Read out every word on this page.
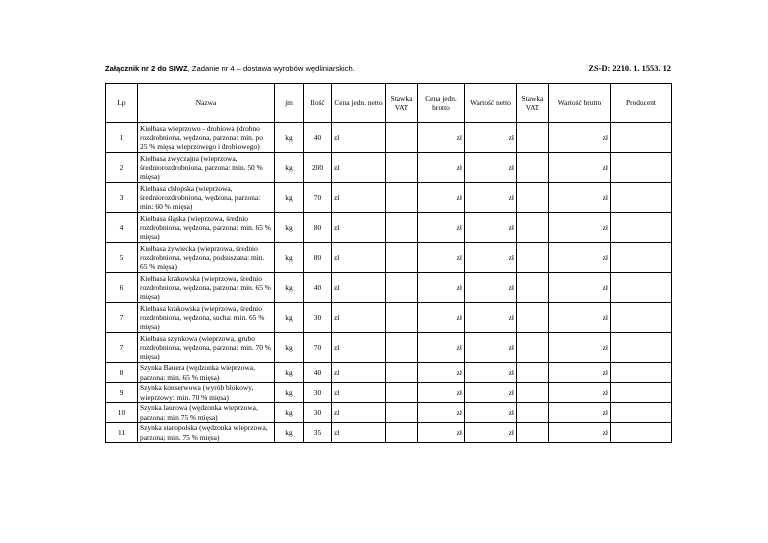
Załącznik nr 2 do SIWZ, Zadanie nr 4 – dostawa wyrobów wędliniarskich.	ZS-D: 2210. 1. 1553. 12
Lp	Nazwa	jm	Ilość	Cena jedn. netto	Stawka VAT	Cena jedn. brutto	Wartość netto	Stawka VAT	Wartość brutto	Producent
1	Kiełbasa wieprzowo - drobiowa (drobno rozdrobniona, wędzona, parzona: min. po 25 % mięsa wieprzowego i drobiowego)	kg	40	zł		zł	zł		zł	
2	Kiełbasa zwyczajna (wieprzowa, średniorozdrobniona, parzona: min. 50 % mięsa)	kg	200	zł		zł	zł		zł	
3	Kiełbasa chłopska (wieprzowa, średniorozdrobniona, wędzona, parzona: min: 60 % mięsa)	kg	70	zł		zł	zł		zł	
4	Kiełbasa śląska (wieprzowa, średnio rozdrobniona, wędzona, parzona: min. 65 % mięsa)	kg	80	zł		zł	zł		zł	
5	Kiełbasa żywiecka (wieprzowa, średnio rozdrobniona, wędzona, podsuszana: min. 65 % mięsa)	kg	80	zł		zł	zł		zł	
6	Kiełbasa krakowska (wieprzowa, średnio rozdrobniona, wędzona, parzona: min. 65 % mięsa)	kg	40	zł		zł	zł		zł	
7	Kiełbasa krakowska (wieprzowa, średnio rozdrobniona, wędzona, sucha: min. 65 % mięsa)	kg	30	zł		zł	zł		zł	
7	Kiełbasa szynkowa (wieprzowa, grubo rozdrobniona, wędzona, parzona: min. 70 % mięsa)	kg	70	zł		zł	zł		zł	
8	Szynka Bauera (wędzonka wieprzowa, parzona: min. 65 % mięsa)	kg	40	zł		zł	zł		zł	
9	Szynka konserwowa (wyrób blokowy, wieprzowy: min. 70 % mięsa)	kg	30	zł		zł	zł		zł	
10	Szynka laurowa (wędzonka wieprzowa, parzona: min 75 % mięsa)	kg	30	zł		zł	zł		zł	
11	Szynka staropolska (wędzonka wieprzowa, parzona; min. 75 % mięsa)	kg	35	zł		zł	zł		zł	
